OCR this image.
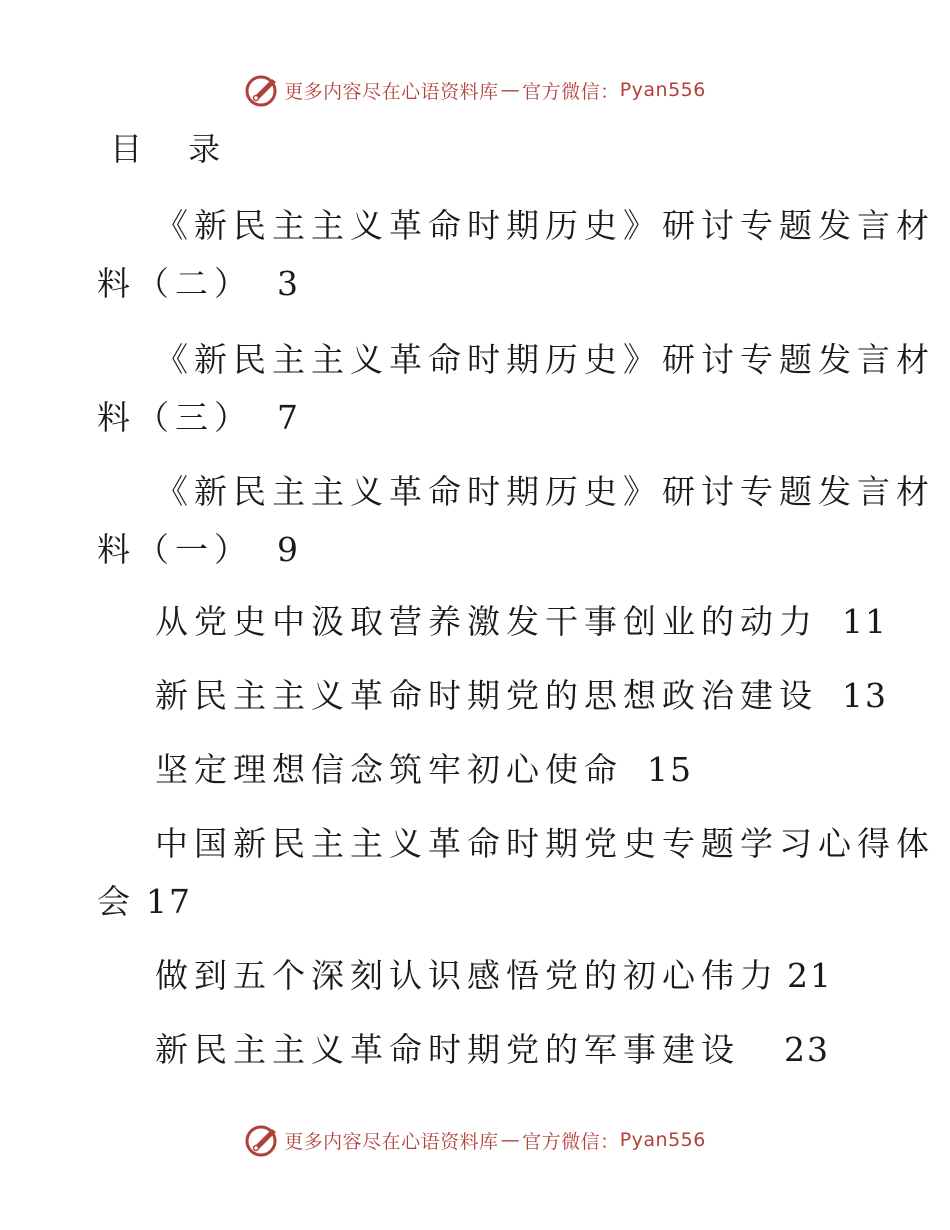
更多内容尽在心语资料库 — 官方微信： Pyan556
目 录
《新民主主义革命时期历史》研讨专题发言材
料（二） 3
《新民主主义革命时期历史》研讨专题发言材
料（三） 7
《新民主主义革命时期历史》研讨专题发言材
料（一） 9
从党史中汲取营养激发干事创业的动力 11
新民主主义革命时期党的思想政治建设 13
坚定理想信念筑牢初心使命 15
中国新民主主义革命时期党史专题学习心得体
会 17
做到五个深刻认识感悟党的初心伟力 21
新民主主义革命时期党的军事建设 23
更多内容尽在心语资料库 — 官方微信： Pyan556
